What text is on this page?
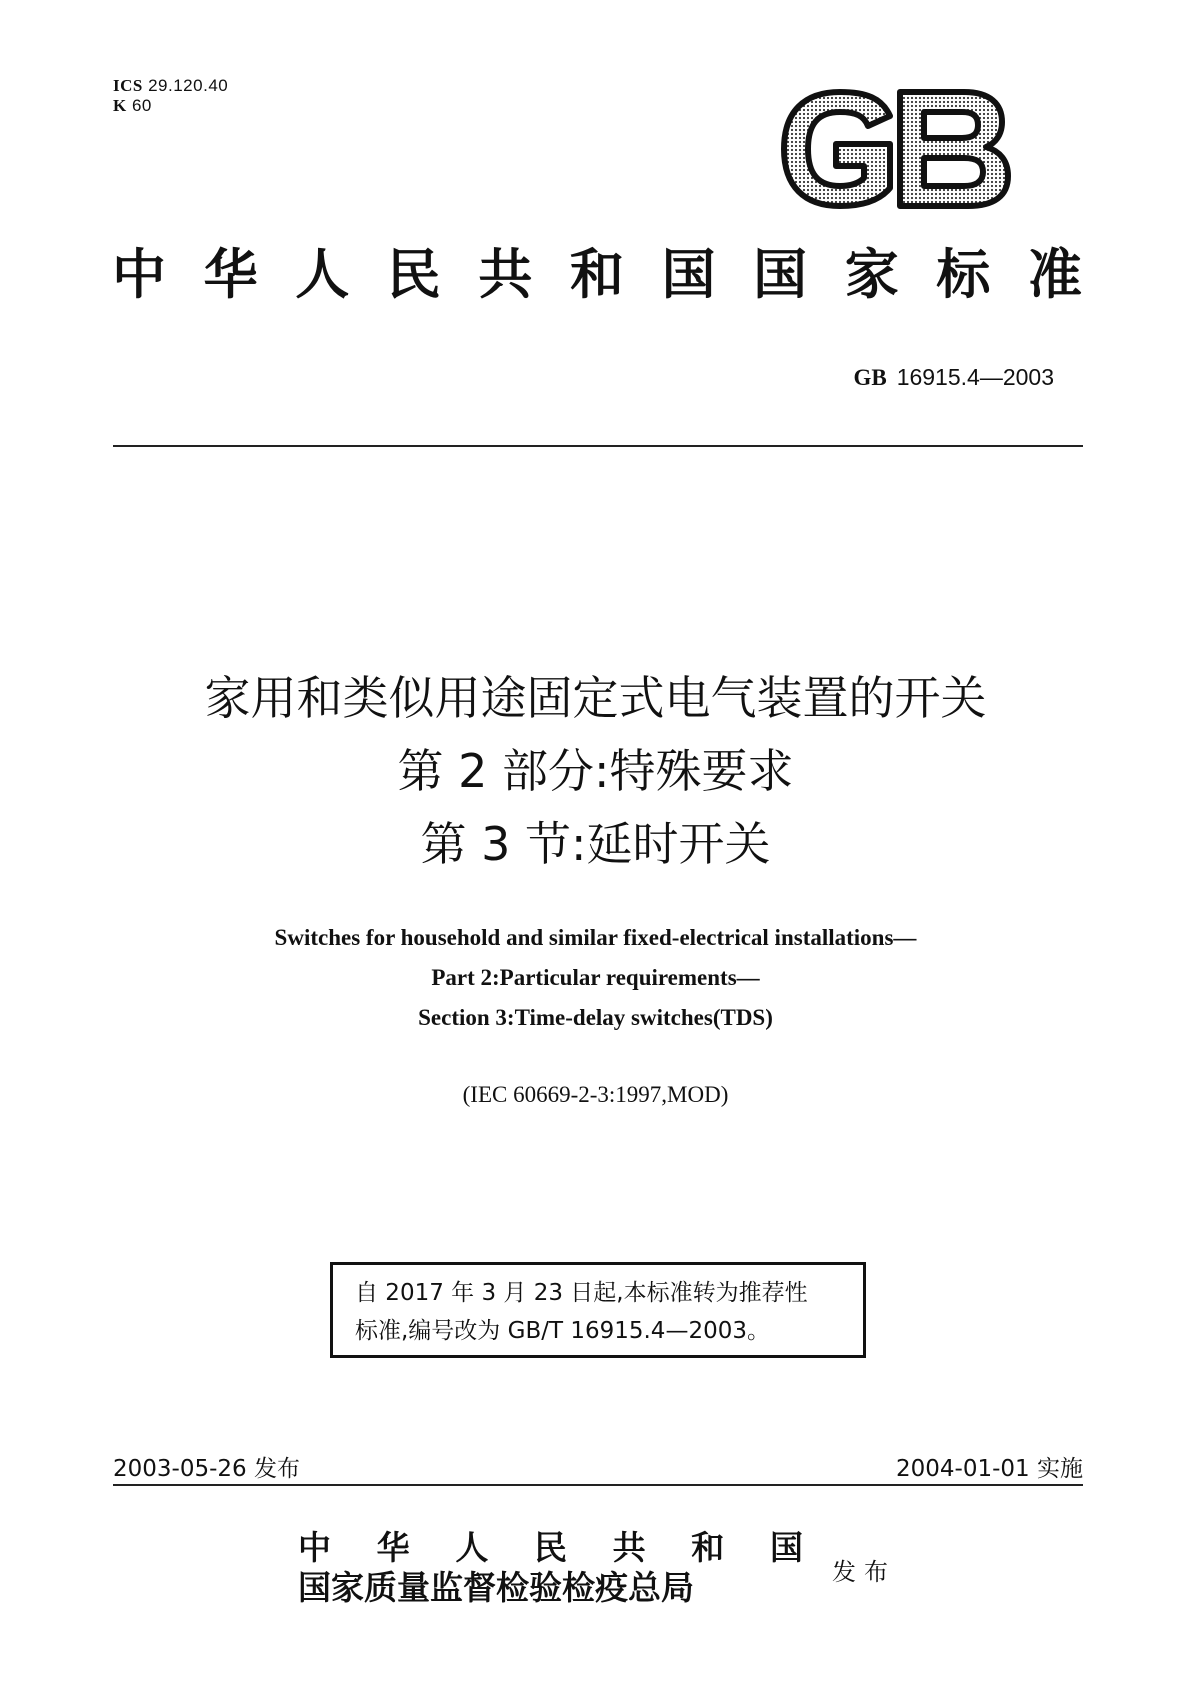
ICS 29.120.40
K 60
中 华 人 民 共 和 国 国 家 标 准
GB 16915.4—2003
家用和类似用途固定式电气装置的开关
第 2 部分:特殊要求
第 3 节:延时开关
Switches for household and similar fixed-electrical installations—
Part 2:Particular requirements—
Section 3:Time-delay switches(TDS)
(IEC 60669-2-3:1997,MOD)
自 2017 年 3 月 23 日起,本标准转为推荐性
标准,编号改为 GB/T 16915.4—2003。
2003-05-26 发布	2004-01-01 实施
中 华 人 民 共 和 国
国家质量监督检验检疫总局	发布
